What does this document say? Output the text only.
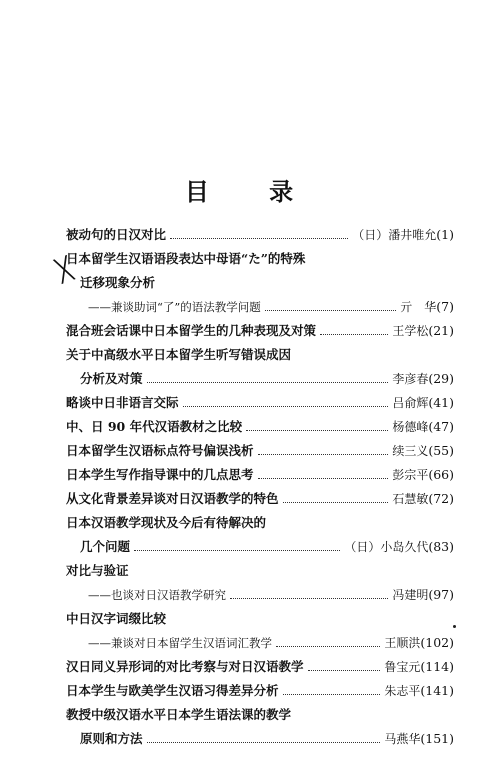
目 录
╳
被动句的日汉对比	（日）潘井唯允 (1)
日本留学生汉语语段表达中母语“た”的特殊
迁移现象分析
——兼谈助词“了”的语法教学问题	亓　华 (7)
混合班会话课中日本留学生的几种表现及对策	王学松 (21)
关于中高级水平日本留学生听写错误成因
分析及对策	李彦春 (29)
略谈中日非语言交际	吕俞辉 (41)
中、日 90 年代汉语教材之比较	杨德峰 (47)
日本留学生汉语标点符号偏误浅析	续三义 (55)
日本学生写作指导课中的几点思考	彭宗平 (66)
从文化背景差异谈对日汉语教学的特色	石慧敏 (72)
日本汉语教学现状及今后有待解决的
几个问题	（日）小岛久代 (83)
对比与验证
——也谈对日汉语教学研究	冯建明 (97)
中日汉字词缀比较
——兼谈对日本留学生汉语词汇教学	王顺洪 (102)
汉日同义异形词的对比考察与对日汉语教学	鲁宝元 (114)
日本学生与欧美学生汉语习得差异分析	朱志平 (141)
教授中级汉语水平日本学生语法课的教学
原则和方法	马燕华 (151)
